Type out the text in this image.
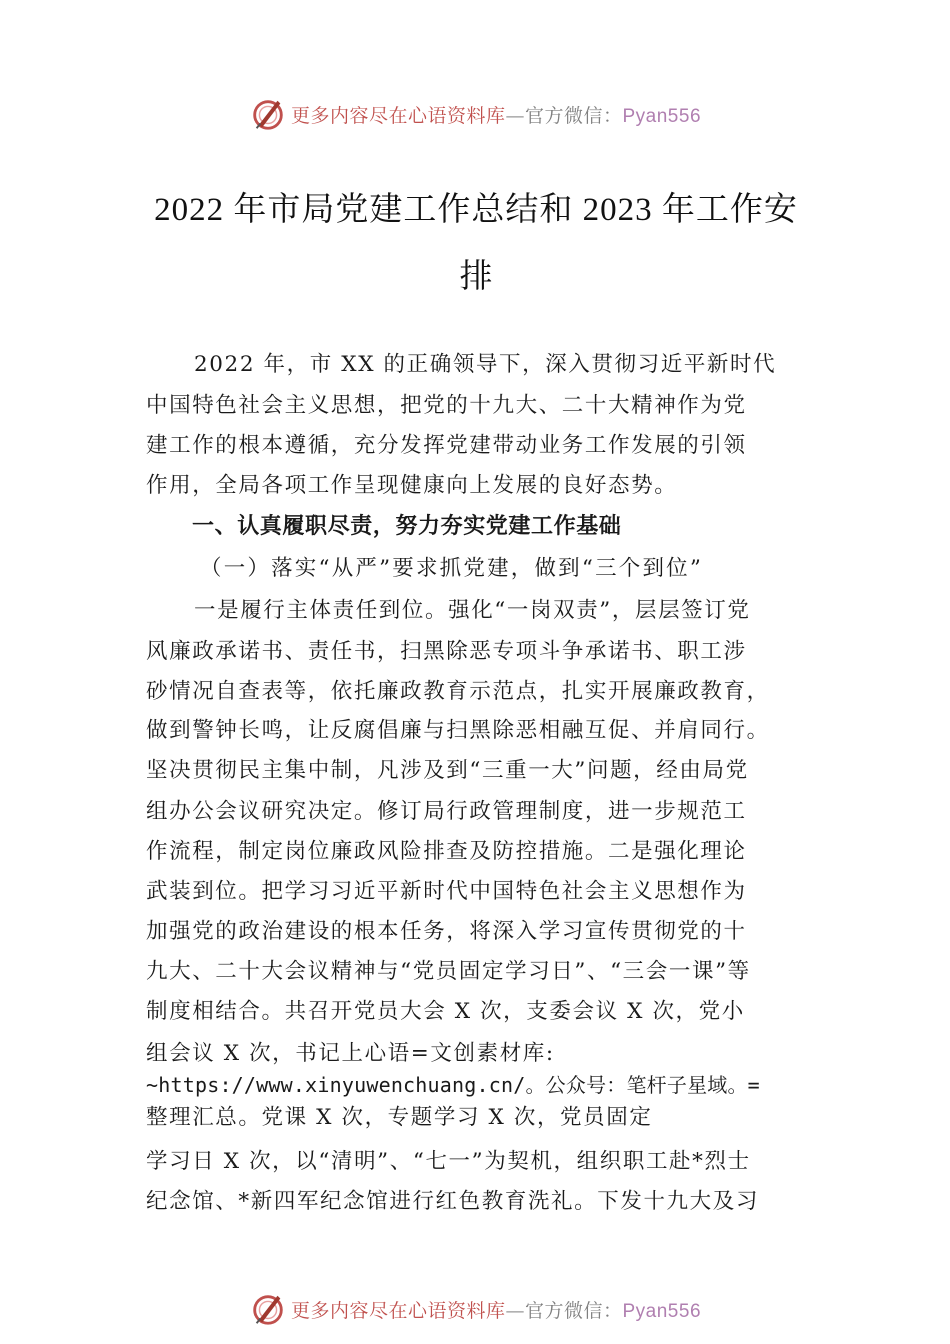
更多内容尽在心语资料库—官方微信：Pyan556
2022 年市局党建工作总结和 2023 年工作安
排
2022 年，市 XX 的正确领导下，深入贯彻习近平新时代
中国特色社会主义思想，把党的十九大、二十大精神作为党
建工作的根本遵循，充分发挥党建带动业务工作发展的引领
作用，全局各项工作呈现健康向上发展的良好态势。
一、认真履职尽责，努力夯实党建工作基础
（一）落实“从严”要求抓党建，做到“三个到位”
一是履行主体责任到位。强化“一岗双责”，层层签订党
风廉政承诺书、责任书，扫黑除恶专项斗争承诺书、职工涉
砂情况自查表等，依托廉政教育示范点，扎实开展廉政教育，
做到警钟长鸣，让反腐倡廉与扫黑除恶相融互促、并肩同行。
坚决贯彻民主集中制，凡涉及到“三重一大”问题，经由局党
组办公会议研究决定。修订局行政管理制度，进一步规范工
作流程，制定岗位廉政风险排查及防控措施。二是强化理论
武装到位。把学习习近平新时代中国特色社会主义思想作为
加强党的政治建设的根本任务，将深入学习宣传贯彻党的十
九大、二十大会议精神与“党员固定学习日”、“三会一课”等
制度相结合。共召开党员大会 X 次，支委会议 X 次，党小
组会议 X 次，书记上心语=文创素材库:
~https://www.xinyuwenchuang.cn/。公众号：笔杆子星域。=
整理汇总。党课 X 次，专题学习 X 次，党员固定
学习日 X 次，以“清明”、“七一”为契机，组织职工赴*烈士
纪念馆、*新四军纪念馆进行红色教育洗礼。下发十九大及习
更多内容尽在心语资料库—官方微信：Pyan556
